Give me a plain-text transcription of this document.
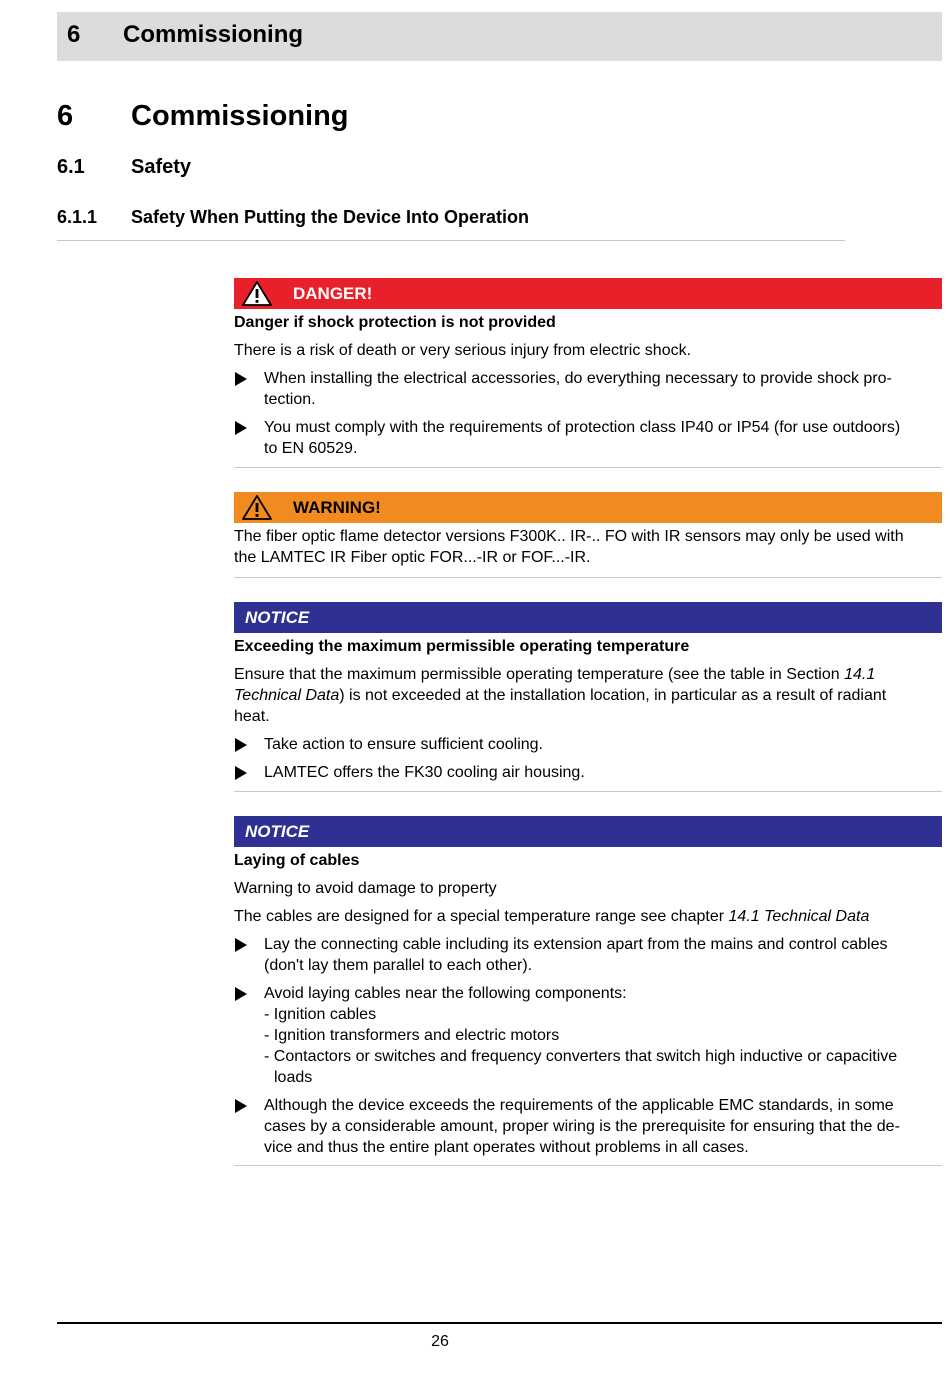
6 Commissioning
6 Commissioning
6.1 Safety
6.1.1 Safety When Putting the Device Into Operation
DANGER!

Danger if shock protection is not provided

There is a risk of death or very serious injury from electric shock.

When installing the electrical accessories, do everything necessary to provide shock pro-
tection.
You must comply with the requirements of protection class IP40 or IP54 (for use outdoors)
to EN 60529.
WARNING!

The fiber optic flame detector versions F300K.. IR-.. FO with IR sensors may only be used with
the LAMTEC IR Fiber optic FOR...-IR or FOF...-IR.

NOTICE

Exceeding the maximum permissible operating temperature

Ensure that the maximum permissible operating temperature (see the table in Section 14.1
Technical Data) is not exceeded at the installation location, in particular as a result of radiant
heat.

Take action to ensure sufficient cooling.
LAMTEC offers the FK30 cooling air housing.
NOTICE

Laying of cables

Warning to avoid damage to property

The cables are designed for a special temperature range see chapter 14.1 Technical Data

Lay the connecting cable including its extension apart from the mains and control cables
(don't lay them parallel to each other).
Avoid laying cables near the following components:
- Ignition cables
- Ignition transformers and electric motors
- Contactors or switches and frequency converters that switch high inductive or capacitive
loads
Although the device exceeds the requirements of the applicable EMC standards, in some
cases by a considerable amount, proper wiring is the prerequisite for ensuring that the de-
vice and thus the entire plant operates without problems in all cases.
26
